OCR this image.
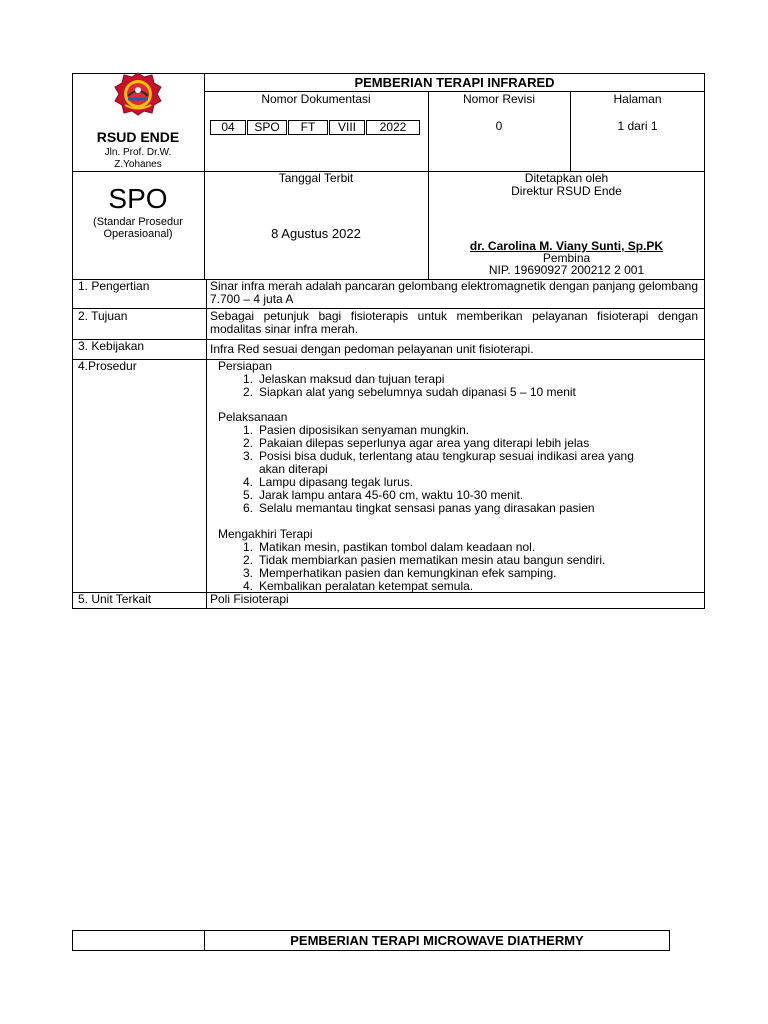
RSUD ENDE
Jln. Prof. Dr.W.
Z.Yohanes
PEMBERIAN TERAPI INFRARED
Nomor Dokumentasi	Nomor Revisi	Halaman
04	SPO	FT	VIII	2022	0	1 dari 1
SPO
(Standar Prosedur
Operasioanal)
Tanggal Terbit
8 Agustus 2022
Ditetapkan oleh
Direktur RSUD Ende
dr. Carolina M. Viany Sunti, Sp.PK
Pembina
NIP. 19690927 200212 2 001
1. Pengertian	Sinar infra merah adalah pancaran gelombang elektromagnetik dengan panjang gelombang 7.700 – 4 juta A
2. Tujuan	Sebagai petunjuk bagi fisioterapis untuk memberikan pelayanan fisioterapi dengan modalitas sinar infra merah.
3. Kebijakan	Infra Red sesuai dengan pedoman pelayanan unit fisioterapi.
4.Prosedur	Persiapan
1. Jelaskan maksud dan tujuan terapi
2. Siapkan alat yang sebelumnya sudah dipanasi 5 – 10 menit
Pelaksanaan
1. Pasien diposisikan senyaman mungkin.
2. Pakaian dilepas seperlunya agar area yang diterapi lebih jelas
3. Posisi bisa duduk, terlentang atau tengkurap sesuai indikasi area yang
akan diterapi
4. Lampu dipasang tegak lurus.
5. Jarak lampu antara 45-60 cm, waktu 10-30 menit.
6. Selalu memantau tingkat sensasi panas yang dirasakan pasien
Mengakhiri Terapi
1. Matikan mesin, pastikan tombol dalam keadaan nol.
2. Tidak membiarkan pasien mematikan mesin atau bangun sendiri.
3. Memperhatikan pasien dan kemungkinan efek samping.
4. Kembalikan peralatan ketempat semula.
5. Unit Terkait	Poli Fisioterapi
PEMBERIAN TERAPI MICROWAVE DIATHERMY
